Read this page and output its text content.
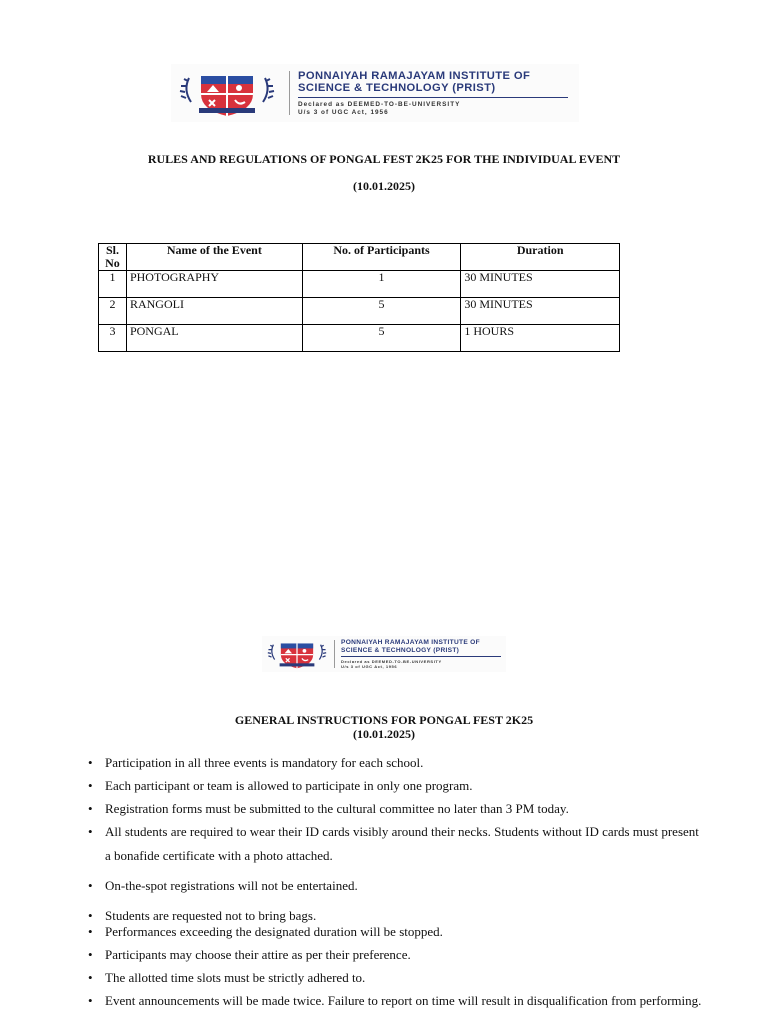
PONNAIYAH RAMAJAYAM INSTITUTE OF
SCIENCE & TECHNOLOGY (PRIST)
Declared as DEEMED-TO-BE-UNIVERSITY
U/s 3 of UGC Act, 1956
RULES AND REGULATIONS OF PONGAL FEST 2K25 FOR THE INDIVIDUAL EVENT
(10.01.2025)
Sl. No	Name of the Event	No. of Participants	Duration
1	PHOTOGRAPHY	1	30 MINUTES
2	RANGOLI	5	30 MINUTES
3	PONGAL	5	1 HOURS
PONNAIYAH RAMAJAYAM INSTITUTE OF
SCIENCE & TECHNOLOGY (PRIST)
Declared as DEEMED-TO-BE-UNIVERSITY
U/s 3 of UGC Act, 1956
GENERAL INSTRUCTIONS FOR PONGAL FEST 2K25
(10.01.2025)
• Participation in all three events is mandatory for each school.
• Each participant or team is allowed to participate in only one program.
• Registration forms must be submitted to the cultural committee no later than 3 PM today.
• All students are required to wear their ID cards visibly around their necks. Students without ID cards must present a bonafide certificate with a photo attached.
• On-the-spot registrations will not be entertained.
• Students are requested not to bring bags.
• Performances exceeding the designated duration will be stopped.
• Participants may choose their attire as per their preference.
• The allotted time slots must be strictly adhered to.
• Event announcements will be made twice. Failure to report on time will result in disqualification from performing.
